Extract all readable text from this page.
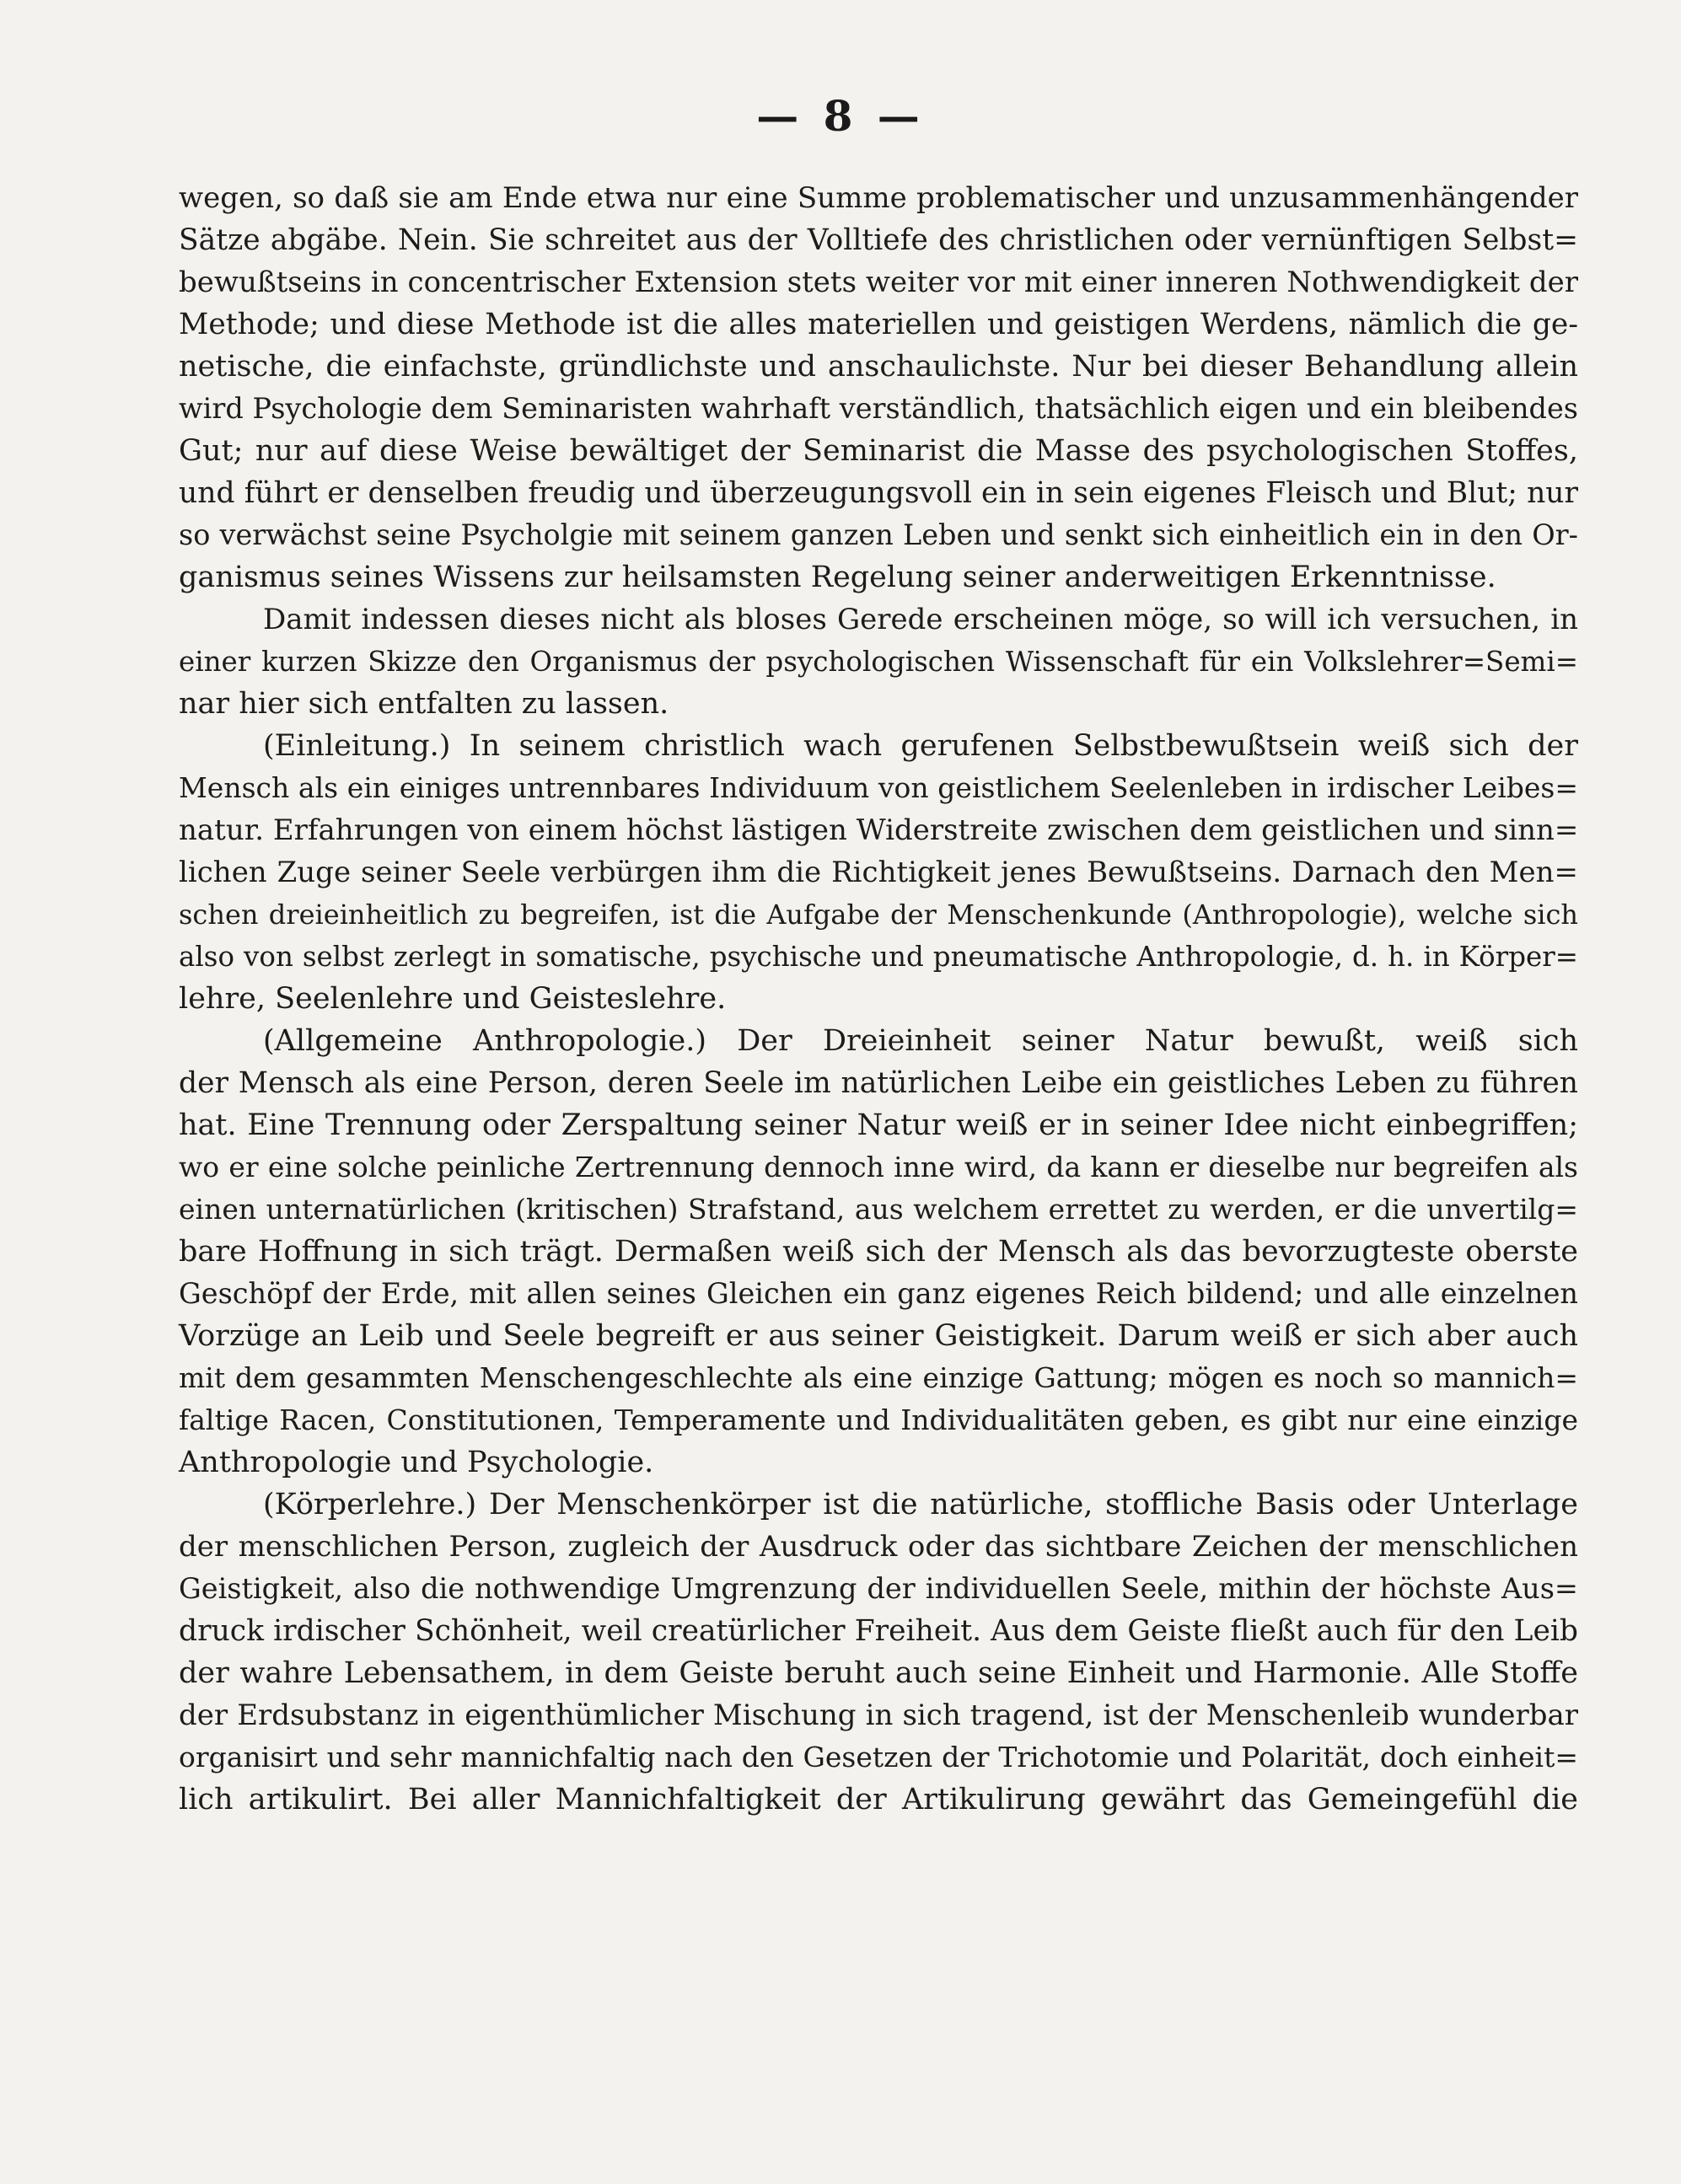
— 8 —
wegen, so daß sie am Ende etwa nur eine Summe problematischer und unzusammenhängender
Sätze abgäbe. Nein. Sie schreitet aus der Volltiefe des christlichen oder vernünftigen Selbst=
bewußtseins in concentrischer Extension stets weiter vor mit einer inneren Nothwendigkeit der
Methode; und diese Methode ist die alles materiellen und geistigen Werdens, nämlich die ge-
netische, die einfachste, gründlichste und anschaulichste. Nur bei dieser Behandlung allein
wird Psychologie dem Seminaristen wahrhaft verständlich, thatsächlich eigen und ein bleibendes
Gut; nur auf diese Weise bewältiget der Seminarist die Masse des psychologischen Stoffes,
und führt er denselben freudig und überzeugungsvoll ein in sein eigenes Fleisch und Blut; nur
so verwächst seine Psycholgie mit seinem ganzen Leben und senkt sich einheitlich ein in den Or-
ganismus seines Wissens zur heilsamsten Regelung seiner anderweitigen Erkenntnisse.
Damit indessen dieses nicht als bloses Gerede erscheinen möge, so will ich versuchen, in
einer kurzen Skizze den Organismus der psychologischen Wissenschaft für ein Volkslehrer=Semi=
nar hier sich entfalten zu lassen.
(Einleitung.) In seinem christlich wach gerufenen Selbstbewußtsein weiß sich der
Mensch als ein einiges untrennbares Individuum von geistlichem Seelenleben in irdischer Leibes=
natur. Erfahrungen von einem höchst lästigen Widerstreite zwischen dem geistlichen und sinn=
lichen Zuge seiner Seele verbürgen ihm die Richtigkeit jenes Bewußtseins. Darnach den Men=
schen dreieinheitlich zu begreifen, ist die Aufgabe der Menschenkunde (Anthropologie), welche sich
also von selbst zerlegt in somatische, psychische und pneumatische Anthropologie, d. h. in Körper=
lehre, Seelenlehre und Geisteslehre.
(Allgemeine Anthropologie.) Der Dreieinheit seiner Natur bewußt, weiß sich
der Mensch als eine Person, deren Seele im natürlichen Leibe ein geistliches Leben zu führen
hat. Eine Trennung oder Zerspaltung seiner Natur weiß er in seiner Idee nicht einbegriffen;
wo er eine solche peinliche Zertrennung dennoch inne wird, da kann er dieselbe nur begreifen als
einen unternatürlichen (kritischen) Strafstand, aus welchem errettet zu werden, er die unvertilg=
bare Hoffnung in sich trägt. Dermaßen weiß sich der Mensch als das bevorzugteste oberste
Geschöpf der Erde, mit allen seines Gleichen ein ganz eigenes Reich bildend; und alle einzelnen
Vorzüge an Leib und Seele begreift er aus seiner Geistigkeit. Darum weiß er sich aber auch
mit dem gesammten Menschengeschlechte als eine einzige Gattung; mögen es noch so mannich=
faltige Racen, Constitutionen, Temperamente und Individualitäten geben, es gibt nur eine einzige
Anthropologie und Psychologie.
(Körperlehre.) Der Menschenkörper ist die natürliche, stoffliche Basis oder Unterlage
der menschlichen Person, zugleich der Ausdruck oder das sichtbare Zeichen der menschlichen
Geistigkeit, also die nothwendige Umgrenzung der individuellen Seele, mithin der höchste Aus=
druck irdischer Schönheit, weil creatürlicher Freiheit. Aus dem Geiste fließt auch für den Leib
der wahre Lebensathem, in dem Geiste beruht auch seine Einheit und Harmonie. Alle Stoffe
der Erdsubstanz in eigenthümlicher Mischung in sich tragend, ist der Menschenleib wunderbar
organisirt und sehr mannichfaltig nach den Gesetzen der Trichotomie und Polarität, doch einheit=
lich artikulirt. Bei aller Mannichfaltigkeit der Artikulirung gewährt das Gemeingefühl die
